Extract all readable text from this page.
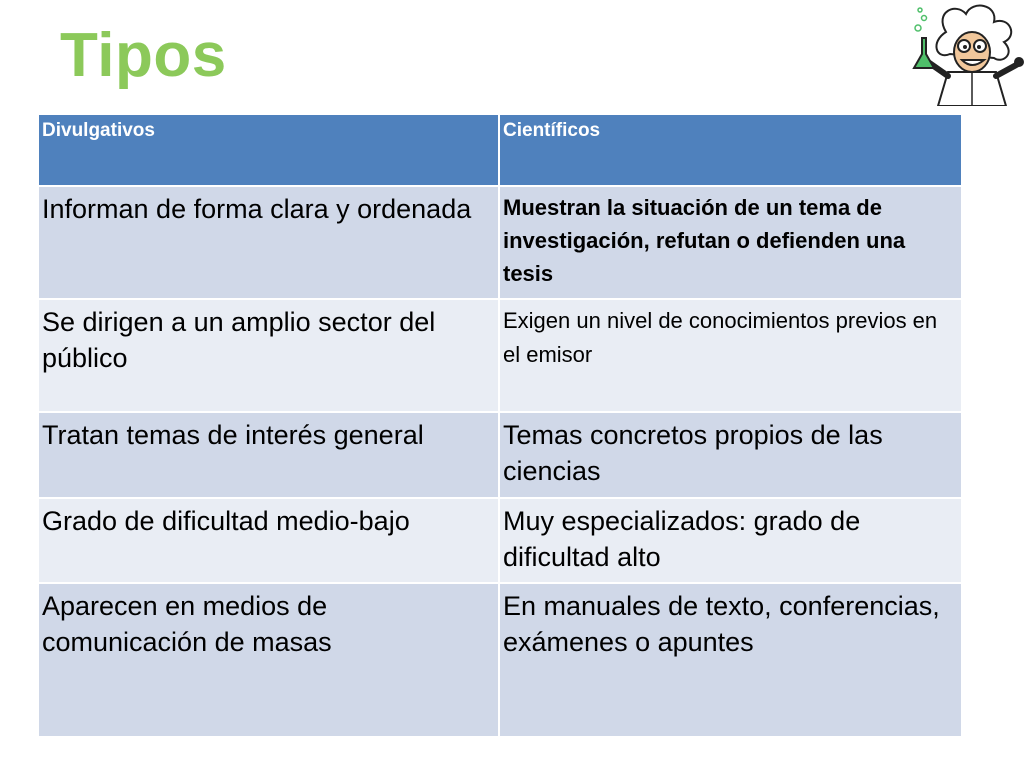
Tipos
Divulgativos	Científicos
Informan de forma clara y ordenada	Muestran la situación de un tema de investigación, refutan o defienden una tesis
Se dirigen a un amplio sector del público	Exigen un nivel de conocimientos previos en el emisor
Tratan temas de interés general	Temas concretos propios de las ciencias
Grado de dificultad medio-bajo	Muy especializados: grado de dificultad alto
Aparecen en medios de comunicación de masas	En manuales de texto, conferencias, exámenes o apuntes
